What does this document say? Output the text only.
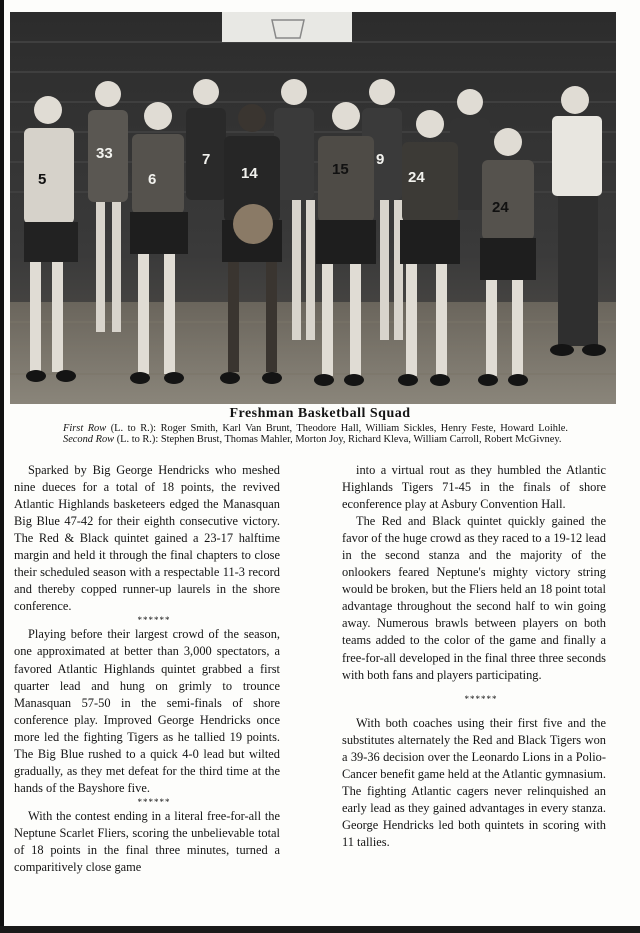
33	7	9
5	6	14	15	24
24
Freshman Basketball Squad
First Row (L. to R.): Roger Smith, Karl Van Brunt, Theodore Hall, William Sickles, Henry Feste, Howard Loihle. Second Row (L. to R.): Stephen Brust, Thomas Mahler, Morton Joy, Richard Kleva, William Carroll, Robert McGivney.

Sparked by Big George Hendricks who meshed nine dueces for a total of 18 points, the revived Atlantic Highlands basketeers edged the Manasquan Big Blue 47-42 for their eighth consecutive victory. The Red & Black quintet gained a 23-17 halftime margin and held it through the final chapters to close their scheduled season with a respectable 11-3 record and thereby copped runner-up laurels in the shore conference.

******

Playing before their largest crowd of the season, one approximated at better than 3,000 spectators, a favored Atlantic Highlands quintet grabbed a first quarter lead and hung on grimly to trounce Manasquan 57-50 in the semi-finals of shore conference play. Improved George Hendricks once more led the fighting Tigers as he tallied 19 points. The Big Blue rushed to a quick 4-0 lead but wilted gradually, as they met defeat for the third time at the hands of the Bayshore five.

******

With the contest ending in a literal free-for-all the Neptune Scarlet Fliers, scoring the unbelievable total of 18 points in the final three minutes, turned a comparitively close game

into a virtual rout as they humbled the Atlantic Highlands Tigers 71-45 in the finals of shore econference play at Asbury Convention Hall.

The Red and Black quintet quickly gained the favor of the huge crowd as they raced to a 19-12 lead in the second stanza and the majority of the onlookers feared Neptune's mighty victory string would be broken, but the Fliers held an 18 point total advantage throughout the second half to win going away. Numerous brawls between players on both teams added to the color of the game and finally a free-for-all developed in the final three three seconds with both fans and players participating.

******

With both coaches using their first five and the substitutes alternately the Red and Black Tigers won a 39-36 decision over the Leonardo Lions in a Polio-Cancer benefit game held at the Atlantic gymnasium. The fighting Atlantic cagers never relinquished an early lead as they gained advantages in every stanza. George Hendricks led both quintets in scoring with 11 tallies.
